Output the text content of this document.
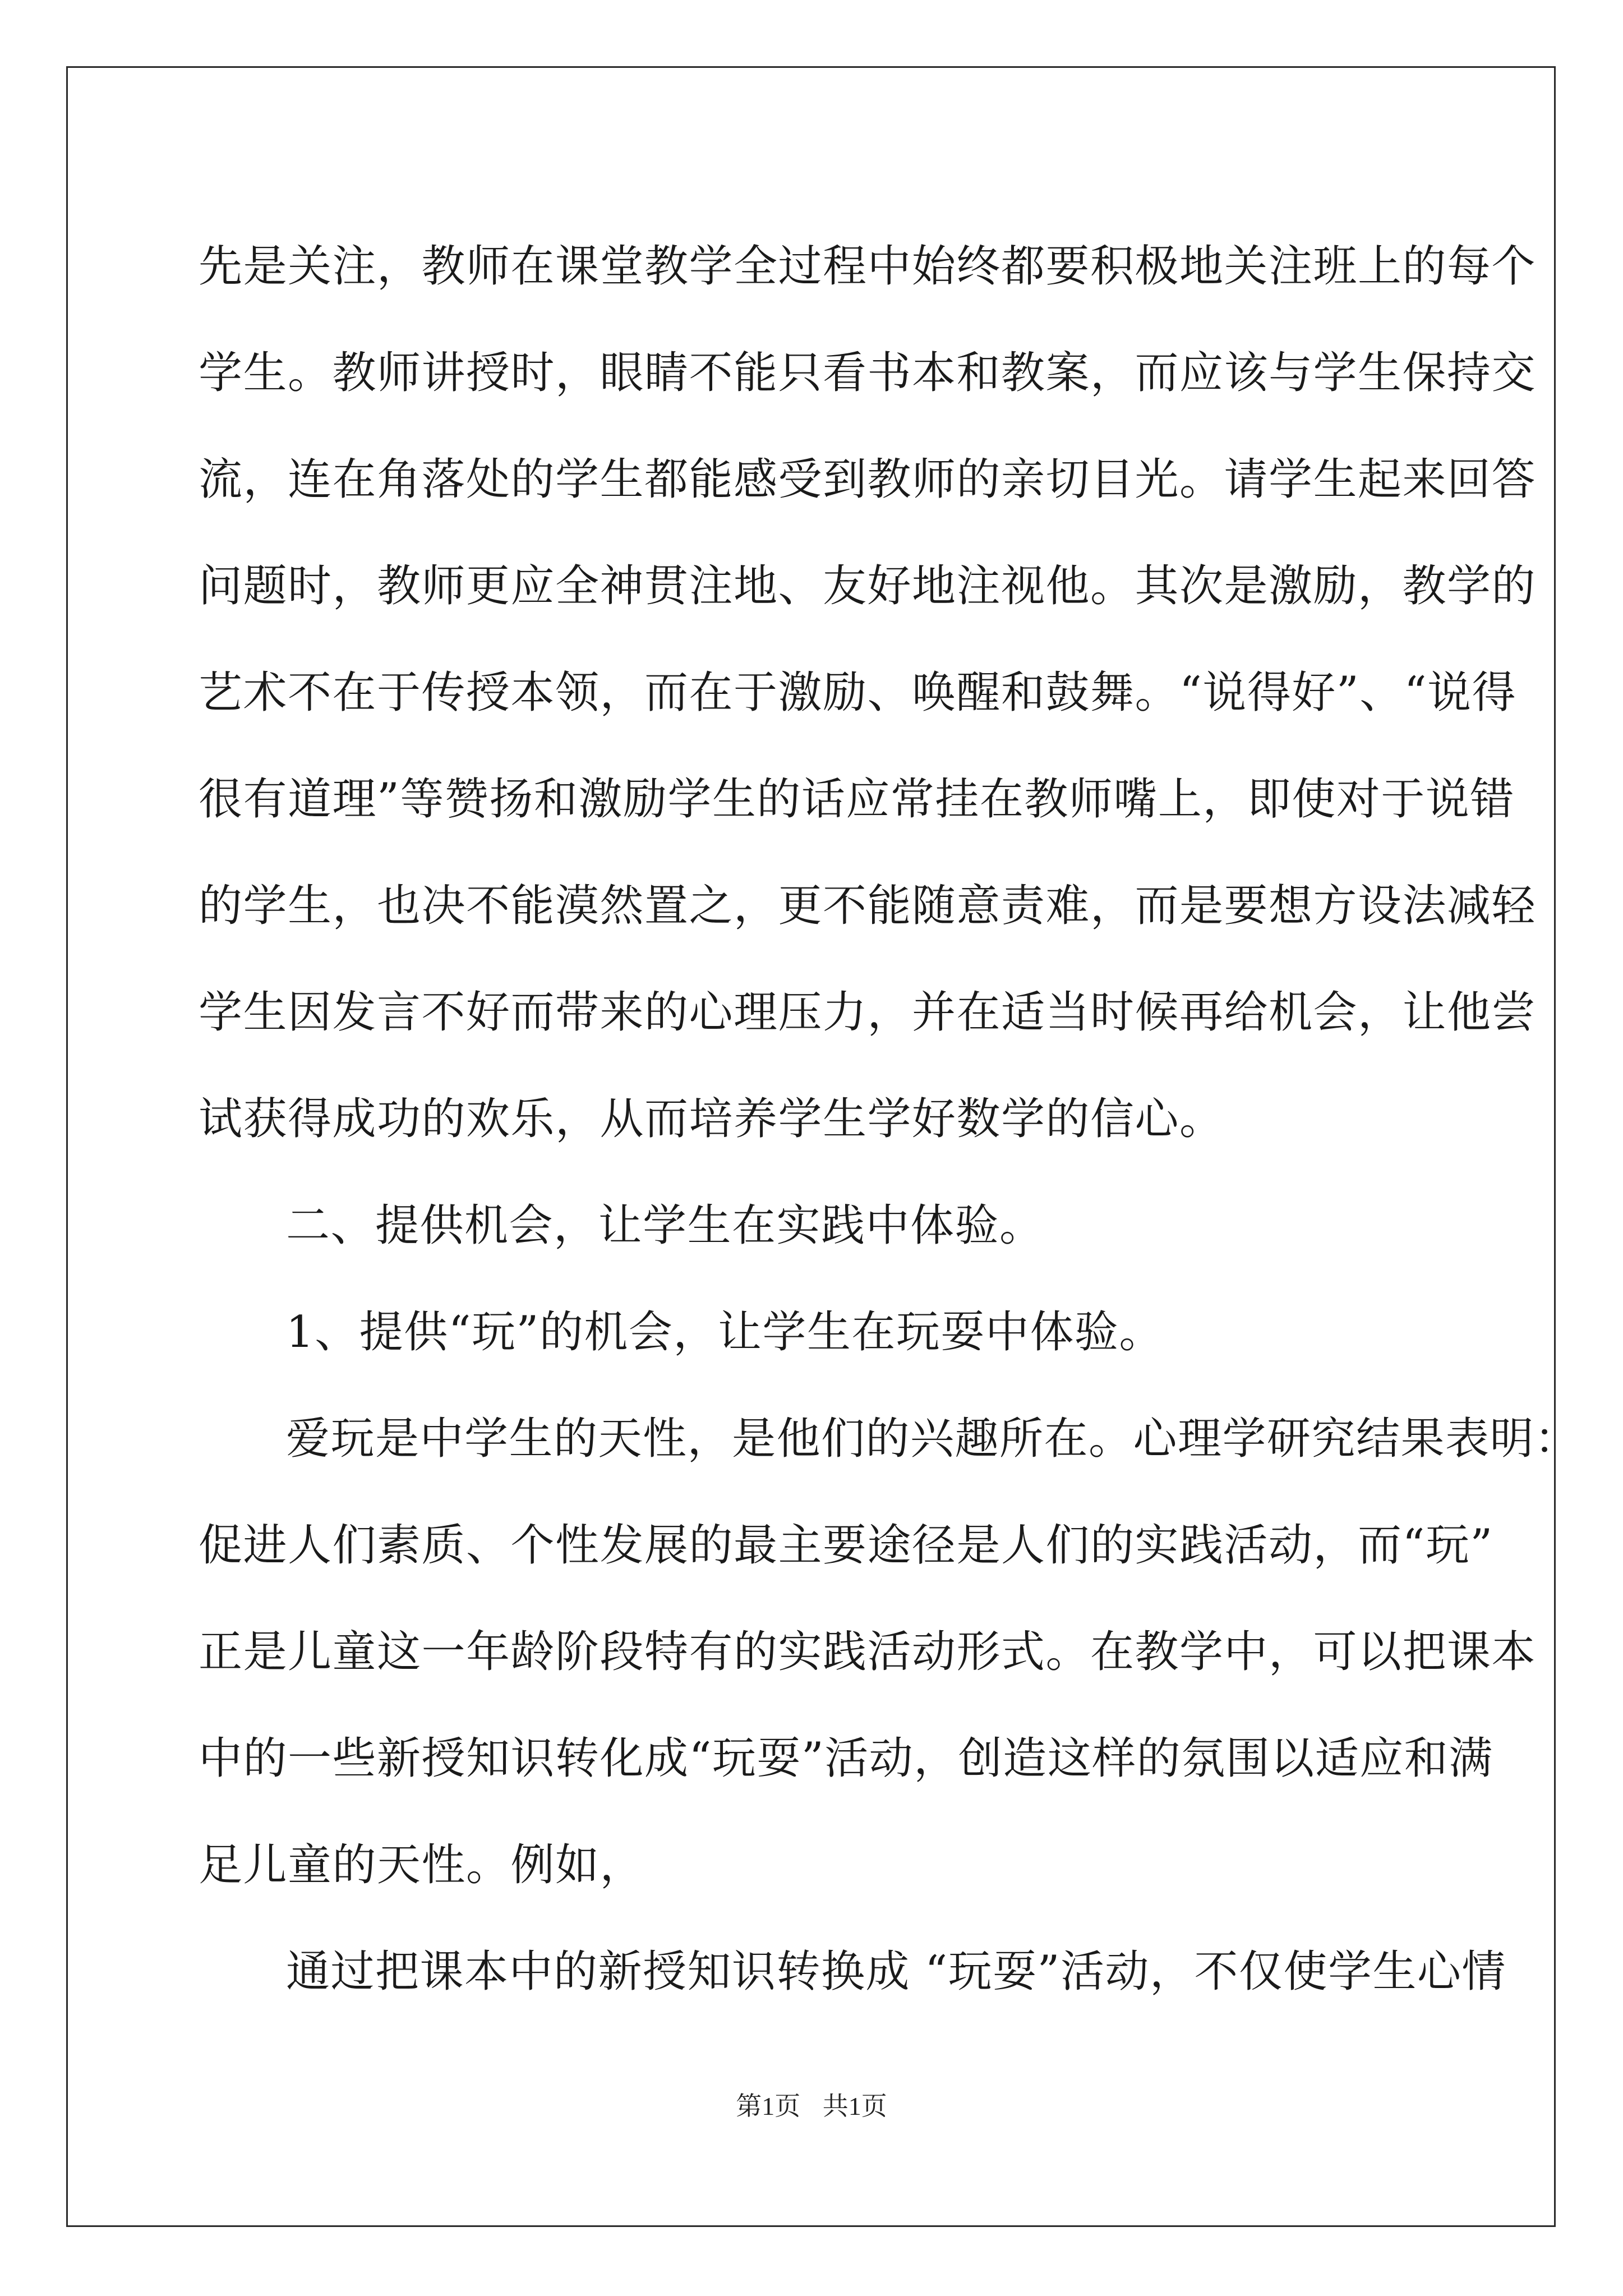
先是关注，教师在课堂教学全过程中始终都要积极地关注班上的每个
学生。教师讲授时，眼睛不能只看书本和教案，而应该与学生保持交
流，连在角落处的学生都能感受到教师的亲切目光。请学生起来回答
问题时，教师更应全神贯注地、友好地注视他。其次是激励，教学的
艺术不在于传授本领，而在于激励、唤醒和鼓舞。“说得好”、“说得
很有道理”等赞扬和激励学生的话应常挂在教师嘴上，即使对于说错
的学生，也决不能漠然置之，更不能随意责难，而是要想方设法减轻
学生因发言不好而带来的心理压力，并在适当时候再给机会，让他尝
试获得成功的欢乐，从而培养学生学好数学的信心。
二、提供机会，让学生在实践中体验。
1、提供“玩”的机会，让学生在玩耍中体验。
爱玩是中学生的天性，是他们的兴趣所在。心理学研究结果表明：
促进人们素质、个性发展的最主要途径是人们的实践活动，而“玩”
正是儿童这一年龄阶段特有的实践活动形式。在教学中，可以把课本
中的一些新授知识转化成“玩耍”活动，创造这样的氛围以适应和满
足儿童的天性。例如，
通过把课本中的新授知识转换成 “玩耍”活动，不仅使学生心情
第1页 共1页
